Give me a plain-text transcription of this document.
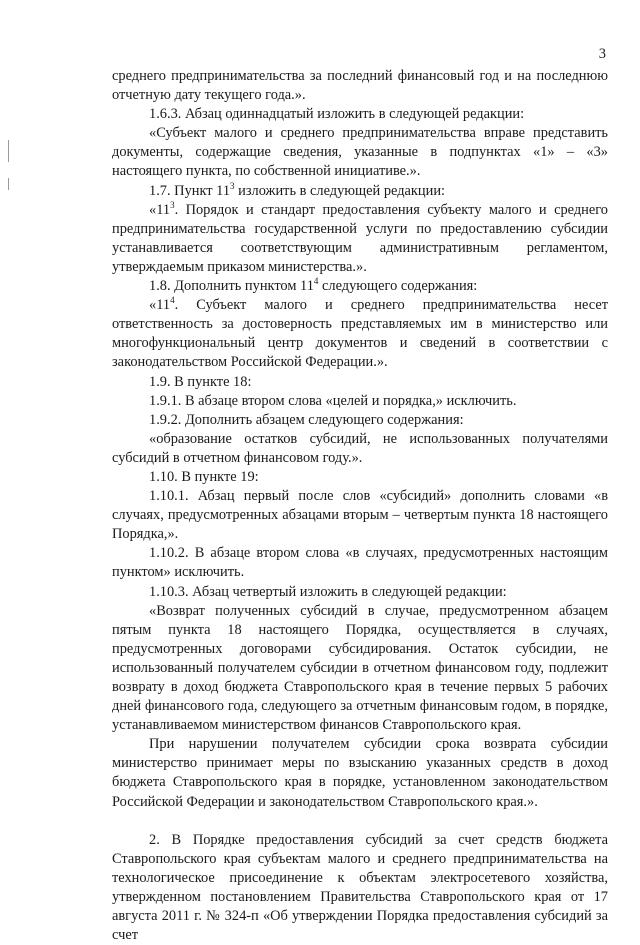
3

среднего предпринимательства за последний финансовый год и на последнюю отчетную дату текущего года.».

1.6.3. Абзац одиннадцатый изложить в следующей редакции:

«Субъект малого и среднего предпринимательства вправе представить документы, содержащие сведения, указанные в подпунктах «1» – «3» настоящего пункта, по собственной инициативе.».

1.7. Пункт $11^3$ изложить в следующей редакции:

«$11^3$. Порядок и стандарт предоставления субъекту малого и среднего предпринимательства государственной услуги по предоставлению субсидии устанавливается соответствующим административным регламентом, утверждаемым приказом министерства.».

1.8. Дополнить пунктом $11^4$ следующего содержания:

«$11^4$. Субъект малого и среднего предпринимательства несет ответственность за достоверность представляемых им в министерство или многофункциональный центр документов и сведений в соответствии с законодательством Российской Федерации.».

1.9. В пункте 18:

1.9.1. В абзаце втором слова «целей и порядка,» исключить.

1.9.2. Дополнить абзацем следующего содержания:

«образование остатков субсидий, не использованных получателями субсидий в отчетном финансовом году.».

1.10. В пункте 19:

1.10.1. Абзац первый после слов «субсидий» дополнить словами «в случаях, предусмотренных абзацами вторым – четвертым пункта 18 настоящего Порядка,».

1.10.2. В абзаце втором слова «в случаях, предусмотренных настоящим пунктом» исключить.

1.10.3. Абзац четвертый изложить в следующей редакции:

«Возврат полученных субсидий в случае, предусмотренном абзацем пятым пункта 18 настоящего Порядка, осуществляется в случаях, предусмотренных договорами субсидирования. Остаток субсидии, не использованный получателем субсидии в отчетном финансовом году, подлежит возврату в доход бюджета Ставропольского края в течение первых 5 рабочих дней финансового года, следующего за отчетным финансовым годом, в порядке, устанавливаемом министерством финансов Ставропольского края.

При нарушении получателем субсидии срока возврата субсидии министерство принимает меры по взысканию указанных средств в доход бюджета Ставропольского края в порядке, установленном законодательством Российской Федерации и законодательством Ставропольского края.».

2. В Порядке предоставления субсидий за счет средств бюджета Ставропольского края субъектам малого и среднего предпринимательства на технологическое присоединение к объектам электросетевого хозяйства, утвержденном постановлением Правительства Ставропольского края от 17 августа 2011 г. № 324-п «Об утверждении Порядка предоставления субсидий за счет
